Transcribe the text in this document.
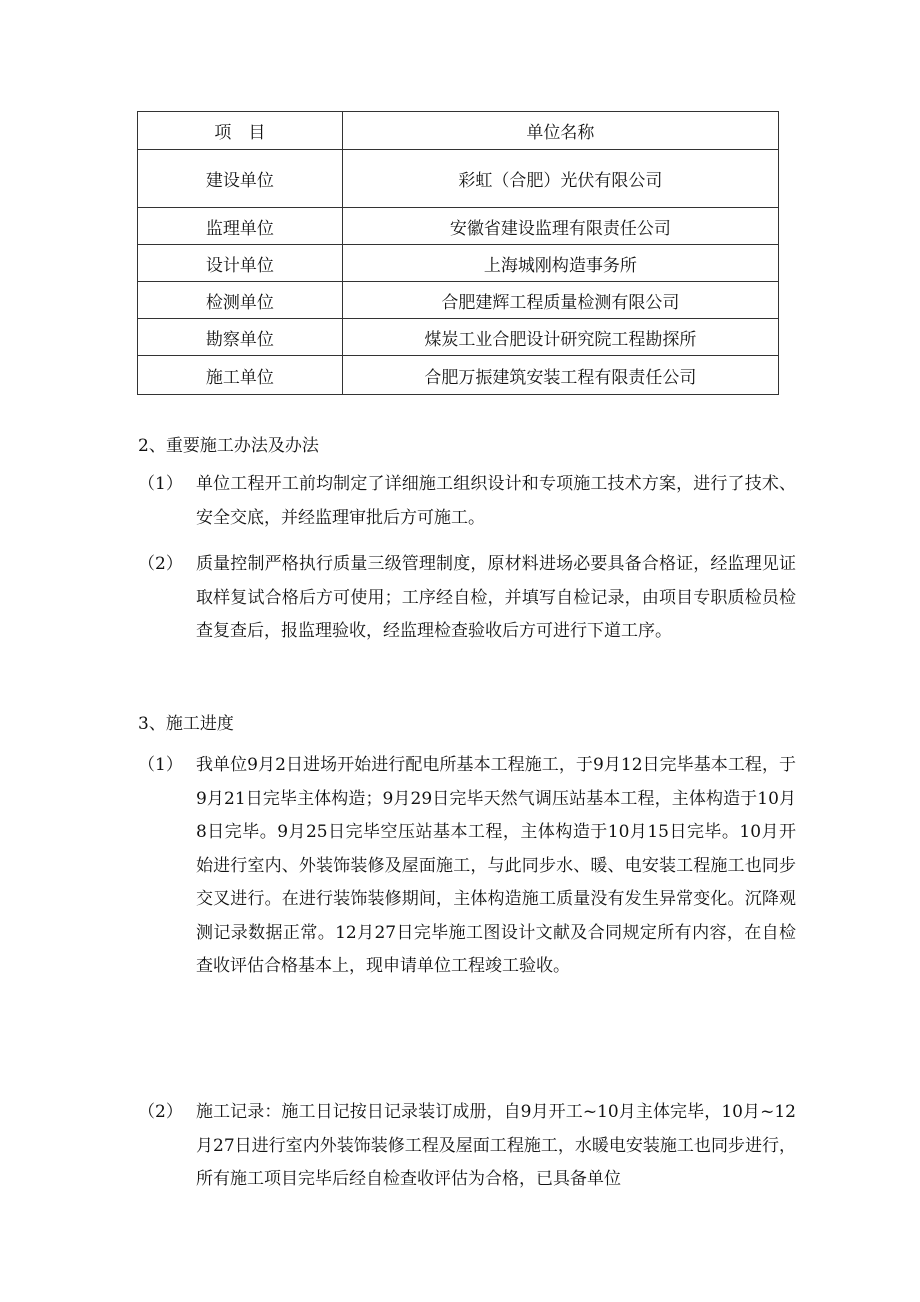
项　目	单位名称
建设单位	彩虹（合肥）光伏有限公司
监理单位	安徽省建设监理有限责任公司
设计单位	上海城刚构造事务所
检测单位	合肥建辉工程质量检测有限公司
勘察单位	煤炭工业合肥设计研究院工程勘探所
施工单位	合肥万振建筑安装工程有限责任公司
2、重要施工办法及办法
（1） 单位工程开工前均制定了详细施工组织设计和专项施工技术方案，进行了技术、安全交底，并经监理审批后方可施工。
（2） 质量控制严格执行质量三级管理制度，原材料进场必要具备合格证，经监理见证取样复试合格后方可使用；工序经自检，并填写自检记录，由项目专职质检员检查复查后，报监理验收，经监理检查验收后方可进行下道工序。
3、施工进度
（1） 我单位9月2日进场开始进行配电所基本工程施工，于9月12日完毕基本工程，于9月21日完毕主体构造；9月29日完毕天然气调压站基本工程，主体构造于10月8日完毕。9月25日完毕空压站基本工程，主体构造于10月15日完毕。10月开始进行室内、外装饰装修及屋面施工，与此同步水、暖、电安装工程施工也同步交叉进行。在进行装饰装修期间，主体构造施工质量没有发生异常变化。沉降观测记录数据正常。12月27日完毕施工图设计文献及合同规定所有内容，在自检查收评估合格基本上，现申请单位工程竣工验收。
（2） 施工记录：施工日记按日记录装订成册，自9月开工~10月主体完毕，10月~12月27日进行室内外装饰装修工程及屋面工程施工，水暖电安装施工也同步进行，所有施工项目完毕后经自检查收评估为合格，已具备单位
